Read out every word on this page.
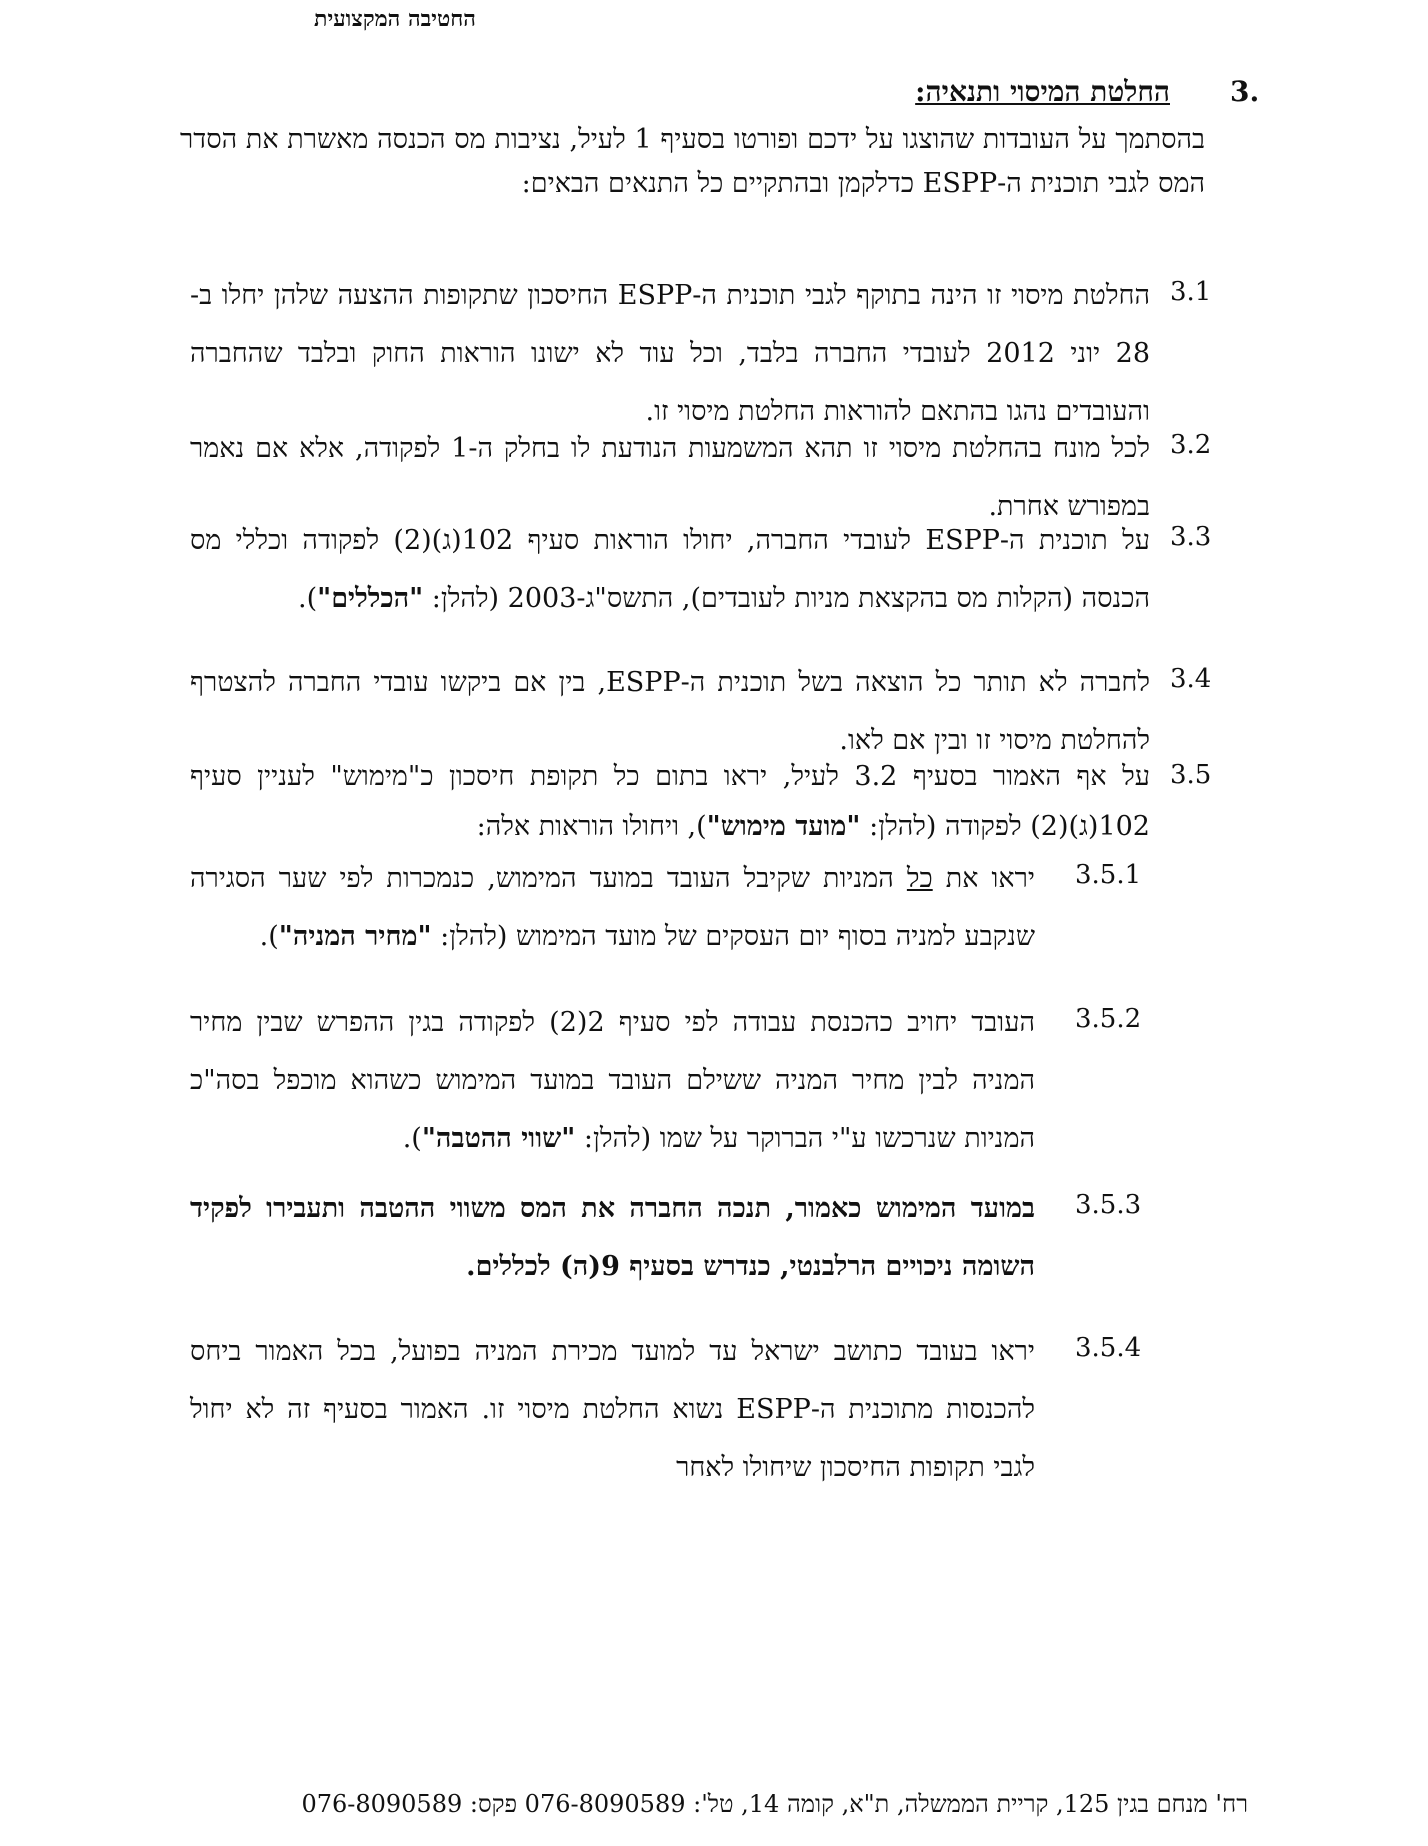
החטיבה המקצועית
3.
החלטת המיסוי ותנאיה:
בהסתמך על העובדות שהוצגו על ידכם ופורטו בסעיף 1 לעיל, נציבות מס הכנסה מאשרת את הסדר המס לגבי תוכנית ה-ESPP כדלקמן ובהתקיים כל התנאים הבאים:
3.1
החלטת מיסוי זו הינה בתוקף לגבי תוכנית ה-ESPP החיסכון שתקופות ההצעה שלהן יחלו ב- 28 יוני 2012 לעובדי החברה בלבד, וכל עוד לא ישונו הוראות החוק ובלבד שהחברה והעובדים נהגו בהתאם להוראות החלטת מיסוי זו.
3.2
לכל מונח בהחלטת מיסוי זו תהא המשמעות הנודעת לו בחלק ה-1 לפקודה, אלא אם נאמר במפורש אחרת.
3.3
על תוכנית ה-ESPP לעובדי החברה, יחולו הוראות סעיף 102(ג)(2) לפקודה וכללי מס הכנסה (הקלות מס בהקצאת מניות לעובדים), התשס"ג-2003 (להלן: "הכללים").
3.4
לחברה לא תותר כל הוצאה בשל תוכנית ה-ESPP, בין אם ביקשו עובדי החברה להצטרף להחלטת מיסוי זו ובין אם לאו.
3.5
על אף האמור בסעיף 3.2 לעיל, יראו בתום כל תקופת חיסכון כ"מימוש" לעניין סעיף 102(ג)(2) לפקודה (להלן: "מועד מימוש"), ויחולו הוראות אלה:
3.5.1
יראו את כל המניות שקיבל העובד במועד המימוש, כנמכרות לפי שער הסגירה שנקבע למניה בסוף יום העסקים של מועד המימוש (להלן: "מחיר המניה").
3.5.2
העובד יחויב כהכנסת עבודה לפי סעיף 2(2) לפקודה בגין ההפרש שבין מחיר המניה לבין מחיר המניה ששילם העובד במועד המימוש כשהוא מוכפל בסה"כ המניות שנרכשו ע"י הברוקר על שמו (להלן: "שווי ההטבה").
3.5.3
במועד המימוש כאמור, תנכה החברה את המס משווי ההטבה ותעבירו לפקיד השומה ניכויים הרלבנטי, כנדרש בסעיף 9(ה) לכללים.
3.5.4
יראו בעובד כתושב ישראל עד למועד מכירת המניה בפועל, בכל האמור ביחס להכנסות מתוכנית ה-ESPP נשוא החלטת מיסוי זו. האמור בסעיף זה לא יחול לגבי תקופות החיסכון שיחולו לאחר
רח' מנחם בגין 125, קריית הממשלה, ת"א, קומה 14, טל': 076-8090589 פקס: 076-8090589
